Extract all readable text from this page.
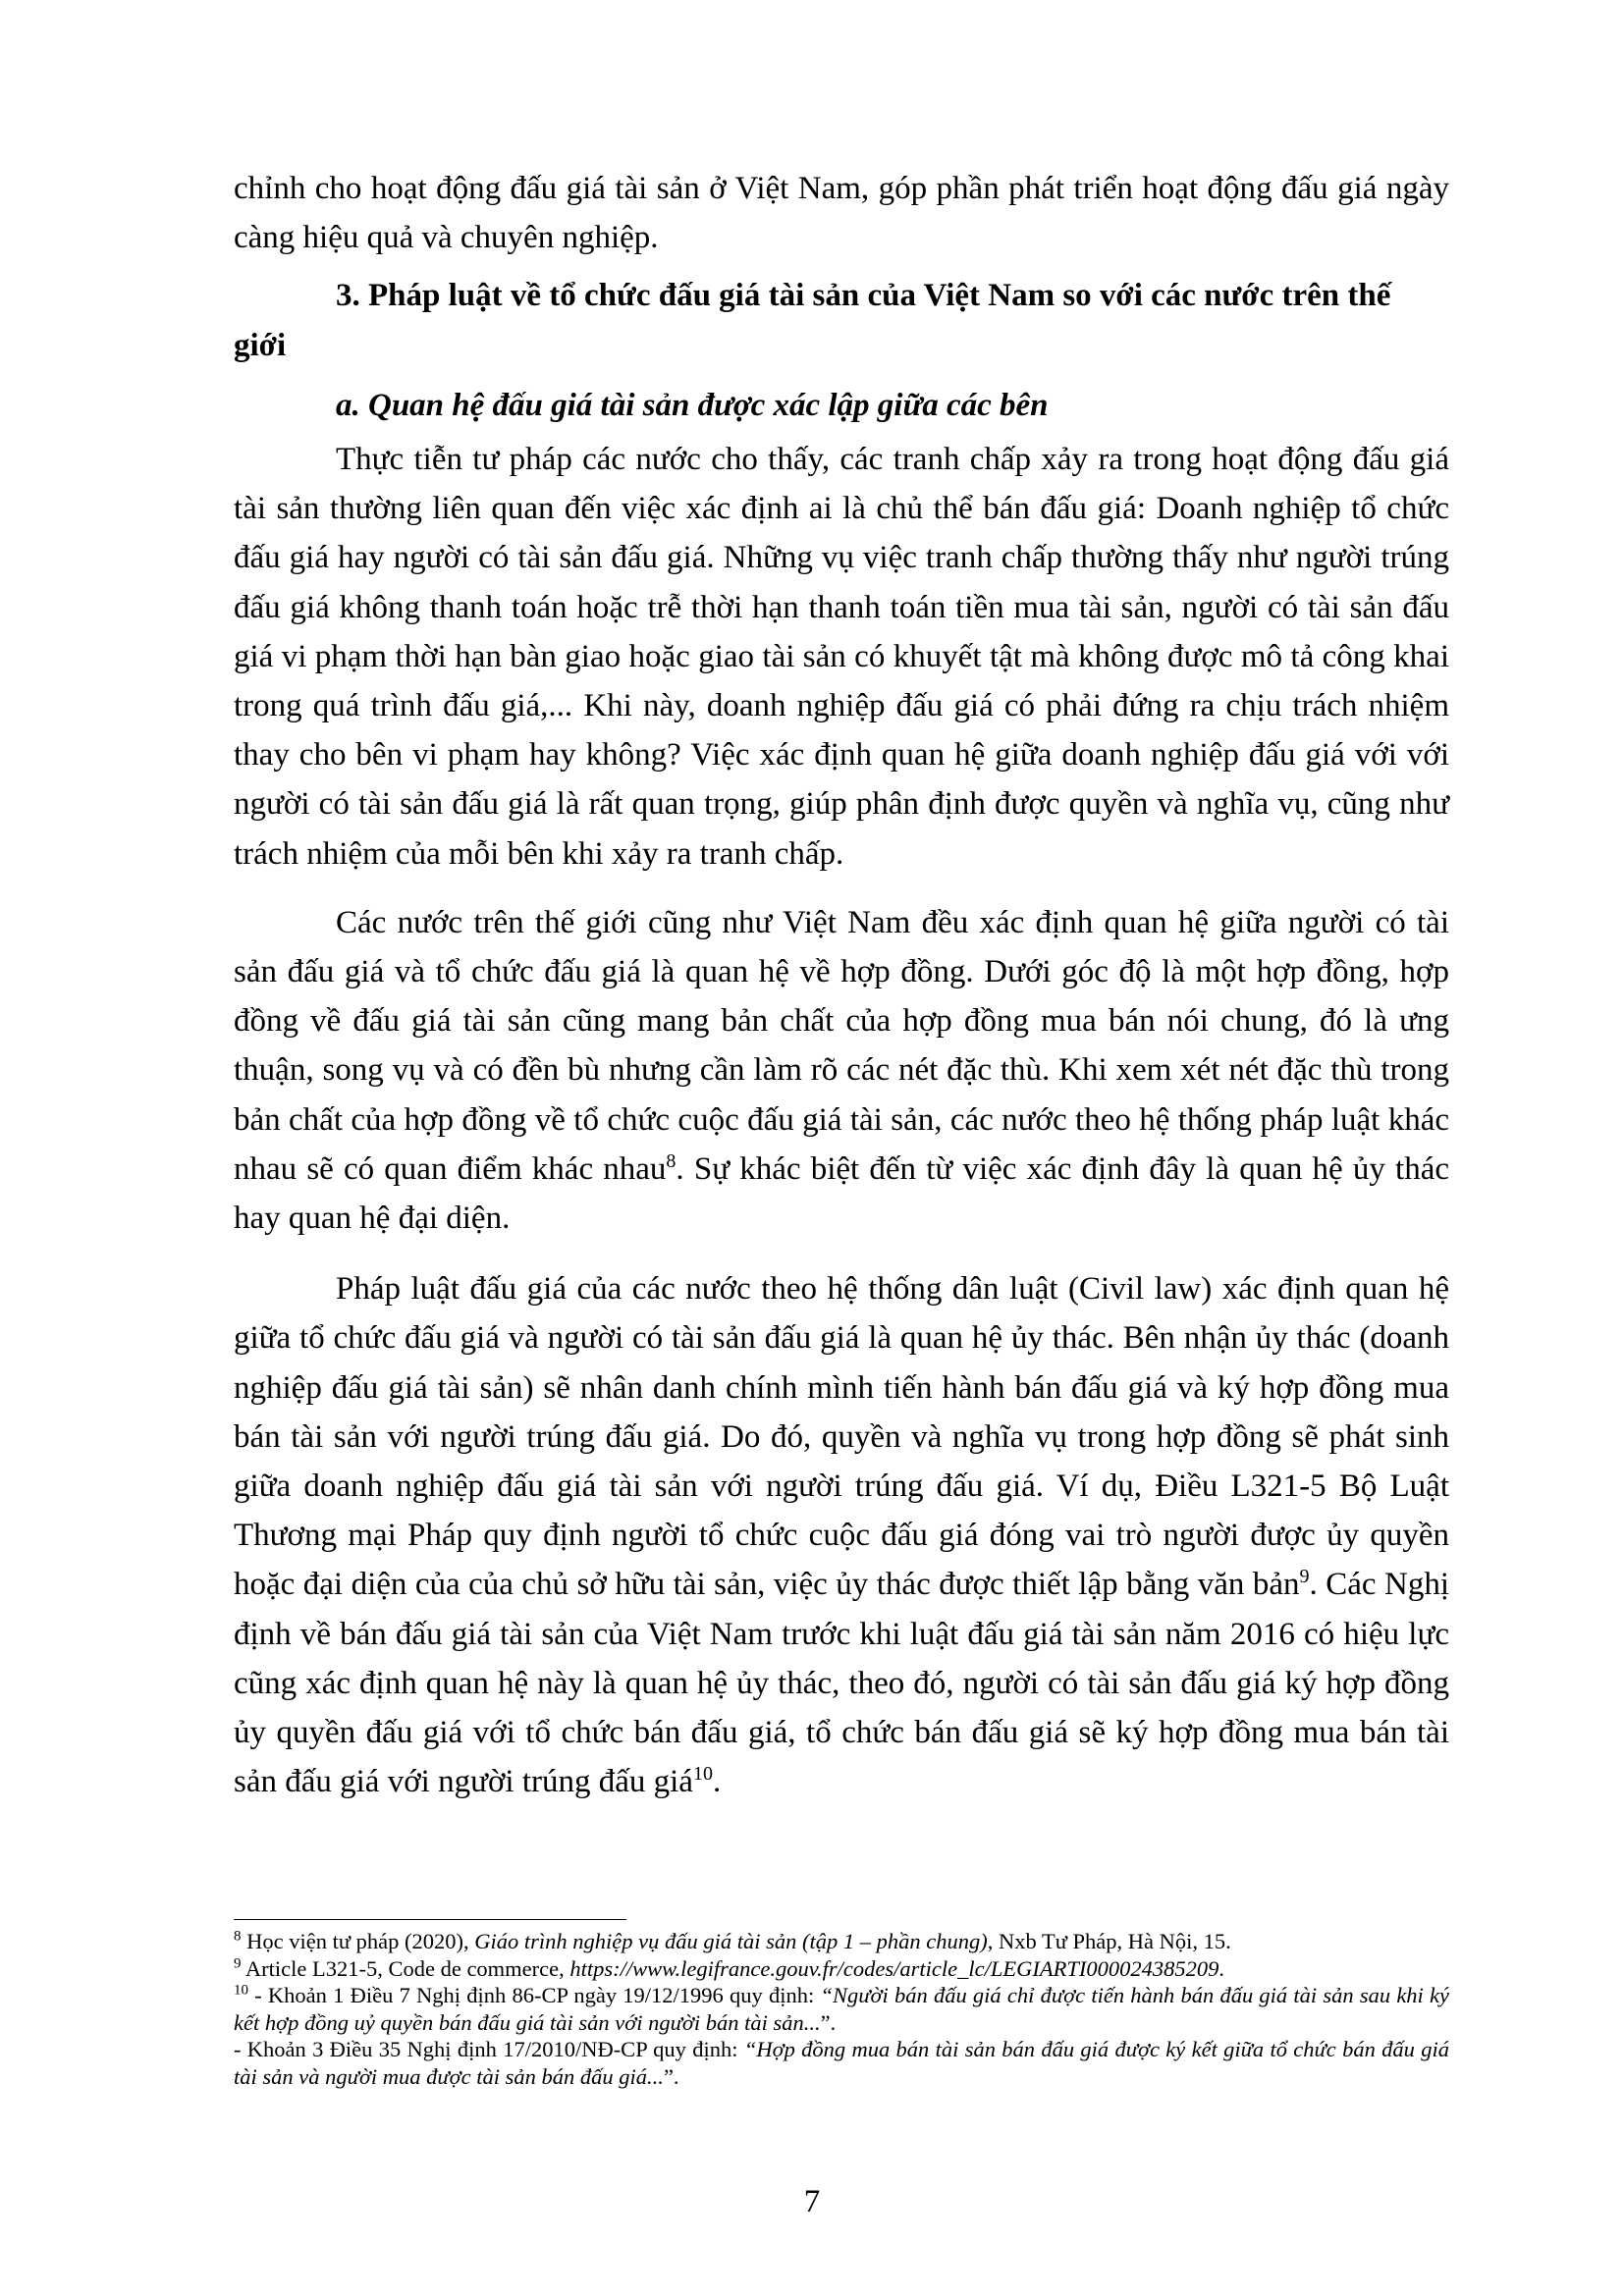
chỉnh cho hoạt động đấu giá tài sản ở Việt Nam, góp phần phát triển hoạt động đấu giá ngày càng hiệu quả và chuyên nghiệp.

3. Pháp luật về tổ chức đấu giá tài sản của Việt Nam so với các nước trên thế giới

a. Quan hệ đấu giá tài sản được xác lập giữa các bên

Thực tiễn tư pháp các nước cho thấy, các tranh chấp xảy ra trong hoạt động đấu giá tài sản thường liên quan đến việc xác định ai là chủ thể bán đấu giá: Doanh nghiệp tổ chức đấu giá hay người có tài sản đấu giá. Những vụ việc tranh chấp thường thấy như người trúng đấu giá không thanh toán hoặc trễ thời hạn thanh toán tiền mua tài sản, người có tài sản đấu giá vi phạm thời hạn bàn giao hoặc giao tài sản có khuyết tật mà không được mô tả công khai trong quá trình đấu giá,... Khi này, doanh nghiệp đấu giá có phải đứng ra chịu trách nhiệm thay cho bên vi phạm hay không? Việc xác định quan hệ giữa doanh nghiệp đấu giá với với người có tài sản đấu giá là rất quan trọng, giúp phân định được quyền và nghĩa vụ, cũng như trách nhiệm của mỗi bên khi xảy ra tranh chấp.

Các nước trên thế giới cũng như Việt Nam đều xác định quan hệ giữa người có tài sản đấu giá và tổ chức đấu giá là quan hệ về hợp đồng. Dưới góc độ là một hợp đồng, hợp đồng về đấu giá tài sản cũng mang bản chất của hợp đồng mua bán nói chung, đó là ưng thuận, song vụ và có đền bù nhưng cần làm rõ các nét đặc thù. Khi xem xét nét đặc thù trong bản chất của hợp đồng về tổ chức cuộc đấu giá tài sản, các nước theo hệ thống pháp luật khác nhau sẽ có quan điểm khác nhau$^8$. Sự khác biệt đến từ việc xác định đây là quan hệ ủy thác hay quan hệ đại diện.

Pháp luật đấu giá của các nước theo hệ thống dân luật (Civil law) xác định quan hệ giữa tổ chức đấu giá và người có tài sản đấu giá là quan hệ ủy thác. Bên nhận ủy thác (doanh nghiệp đấu giá tài sản) sẽ nhân danh chính mình tiến hành bán đấu giá và ký hợp đồng mua bán tài sản với người trúng đấu giá. Do đó, quyền và nghĩa vụ trong hợp đồng sẽ phát sinh giữa doanh nghiệp đấu giá tài sản với người trúng đấu giá. Ví dụ, Điều L321-5 Bộ Luật Thương mại Pháp quy định người tổ chức cuộc đấu giá đóng vai trò người được ủy quyền hoặc đại diện của của chủ sở hữu tài sản, việc ủy thác được thiết lập bằng văn bản$^9$. Các Nghị định về bán đấu giá tài sản của Việt Nam trước khi luật đấu giá tài sản năm 2016 có hiệu lực cũng xác định quan hệ này là quan hệ ủy thác, theo đó, người có tài sản đấu giá ký hợp đồng ủy quyền đấu giá với tổ chức bán đấu giá, tổ chức bán đấu giá sẽ ký hợp đồng mua bán tài sản đấu giá với người trúng đấu giá$^{10}$.

$^8$ Học viện tư pháp (2020), Giáo trình nghiệp vụ đấu giá tài sản (tập 1 – phần chung), Nxb Tư Pháp, Hà Nội, 15.

$^9$ Article L321-5, Code de commerce, https://www.legifrance.gouv.fr/codes/article_lc/LEGIARTI000024385209.

$^{10}$ - Khoản 1 Điều 7 Nghị định 86-CP ngày 19/12/1996 quy định: “Người bán đấu giá chỉ được tiến hành bán đấu giá tài sản sau khi ký kết hợp đồng uỷ quyền bán đấu giá tài sản với người bán tài sản...”.

- Khoản 3 Điều 35 Nghị định 17/2010/NĐ-CP quy định: “Hợp đồng mua bán tài sản bán đấu giá được ký kết giữa tổ chức bán đấu giá tài sản và người mua được tài sản bán đấu giá...”.

7
